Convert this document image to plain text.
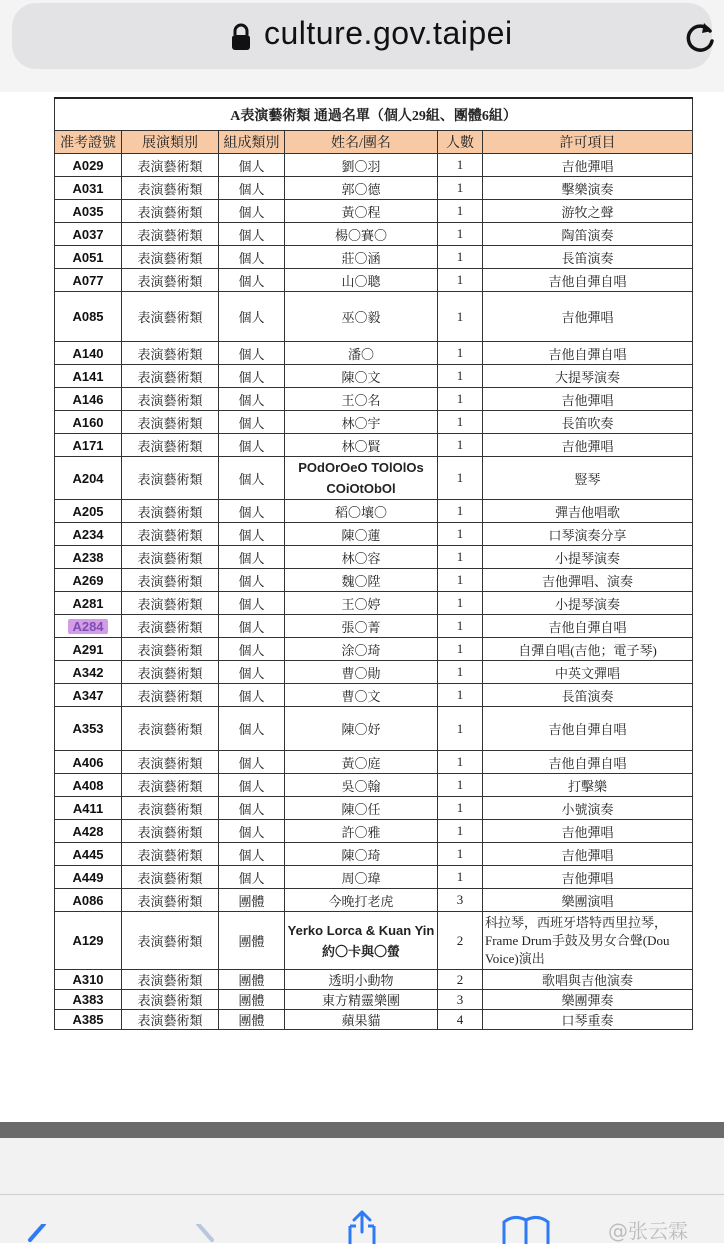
culture.gov.taipei
A表演藝術類 通過名單（個人29組、團體6組）					
准考證號	展演類別	組成類別	姓名/團名	人數	許可項目
A029	表演藝術類	個人	劉〇羽	1	吉他彈唱
A031	表演藝術類	個人	郭〇德	1	擊樂演奏
A035	表演藝術類	個人	黃〇程	1	游牧之聲
A037	表演藝術類	個人	楊〇賽〇	1	陶笛演奏
A051	表演藝術類	個人	莊〇涵	1	長笛演奏
A077	表演藝術類	個人	山〇聰	1	吉他自彈自唱
A085	表演藝術類	個人	巫〇毅	1	吉他彈唱
A140	表演藝術類	個人	潘〇	1	吉他自彈自唱
A141	表演藝術類	個人	陳〇文	1	大提琴演奏
A146	表演藝術類	個人	王〇名	1	吉他彈唱
A160	表演藝術類	個人	林〇宇	1	長笛吹奏
A171	表演藝術類	個人	林〇賢	1	吉他彈唱
A204	表演藝術類	個人	POdOrOeO TOlOlOs COiOtObOl	1	豎琴
A205	表演藝術類	個人	稻〇壤〇	1	彈吉他唱歌
A234	表演藝術類	個人	陳〇蓮	1	口琴演奏分享
A238	表演藝術類	個人	林〇容	1	小提琴演奏
A269	表演藝術類	個人	魏〇陞	1	吉他彈唱、演奏
A281	表演藝術類	個人	王〇婷	1	小提琴演奏
A284	表演藝術類	個人	張〇菁	1	吉他自彈自唱
A291	表演藝術類	個人	涂〇琦	1	自彈自唱(吉他；電子琴)
A342	表演藝術類	個人	曹〇勛	1	中英文彈唱
A347	表演藝術類	個人	曹〇文	1	長笛演奏
A353	表演藝術類	個人	陳〇妤	1	吉他自彈自唱
A406	表演藝術類	個人	黃〇庭	1	吉他自彈自唱
A408	表演藝術類	個人	吳〇翰	1	打擊樂
A411	表演藝術類	個人	陳〇任	1	小號演奏
A428	表演藝術類	個人	許〇雅	1	吉他彈唱
A445	表演藝術類	個人	陳〇琦	1	吉他彈唱
A449	表演藝術類	個人	周〇瑋	1	吉他彈唱
A086	表演藝術類	團體	今晚打老虎	3	樂團演唱
A129	表演藝術類	團體	Yerko Lorca & Kuan Yin 約〇卡與〇螢	2	科拉琴，西班牙塔特西里拉琴，Frame Drum手鼓及男女合聲(Dou Voice)演出
A310	表演藝術類	團體	透明小動物	2	歌唱與吉他演奏
A383	表演藝術類	團體	東方精靈樂團	3	樂團彈奏
A385	表演藝術類	團體	蘋果貓	4	口琴重奏
@张云霖
